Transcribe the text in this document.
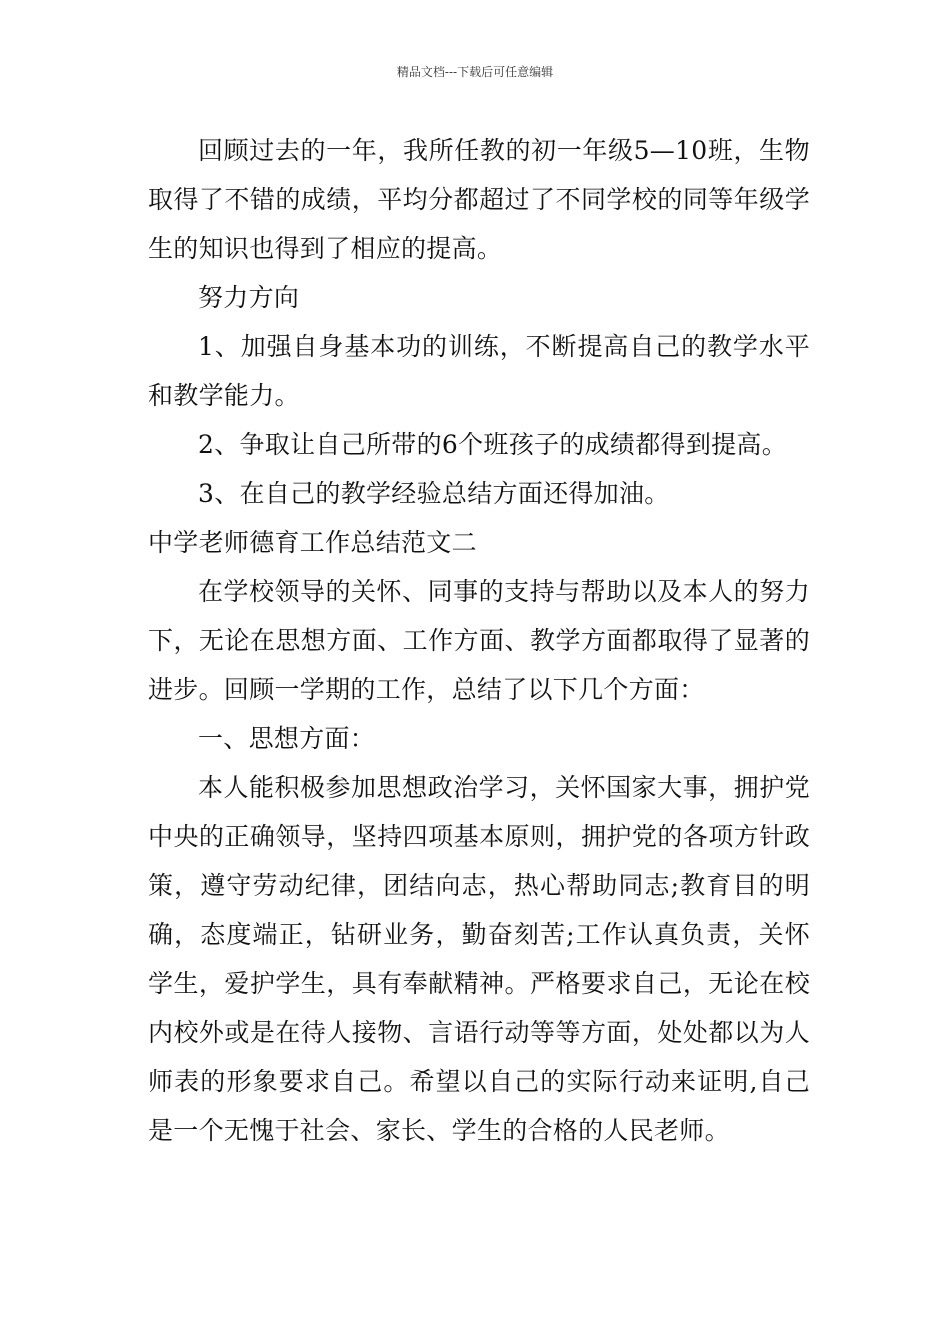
精品文档---下载后可任意编辑

回顾过去的一年，我所任教的初一年级5—10班，生物取得了不错的成绩，平均分都超过了不同学校的同等年级学生的知识也得到了相应的提高。

努力方向

1、加强自身基本功的训练，不断提高自己的教学水平和教学能力。

2、争取让自己所带的6个班孩子的成绩都得到提高。

3、在自己的教学经验总结方面还得加油。

中学老师德育工作总结范文二

在学校领导的关怀、同事的支持与帮助以及本人的努力下，无论在思想方面、工作方面、教学方面都取得了显著的进步。回顾一学期的工作，总结了以下几个方面：

一、思想方面：

本人能积极参加思想政治学习，关怀国家大事，拥护党中央的正确领导，坚持四项基本原则，拥护党的各项方针政策，遵守劳动纪律，团结向志，热心帮助同志;教育目的明确，态度端正，钻研业务，勤奋刻苦;工作认真负责，关怀学生，爱护学生，具有奉献精神。严格要求自己，无论在校内校外或是在待人接物、言语行动等等方面，处处都以为人师表的形象要求自己。希望以自己的实际行动来证明,自己是一个无愧于社会、家长、学生的合格的人民老师。
